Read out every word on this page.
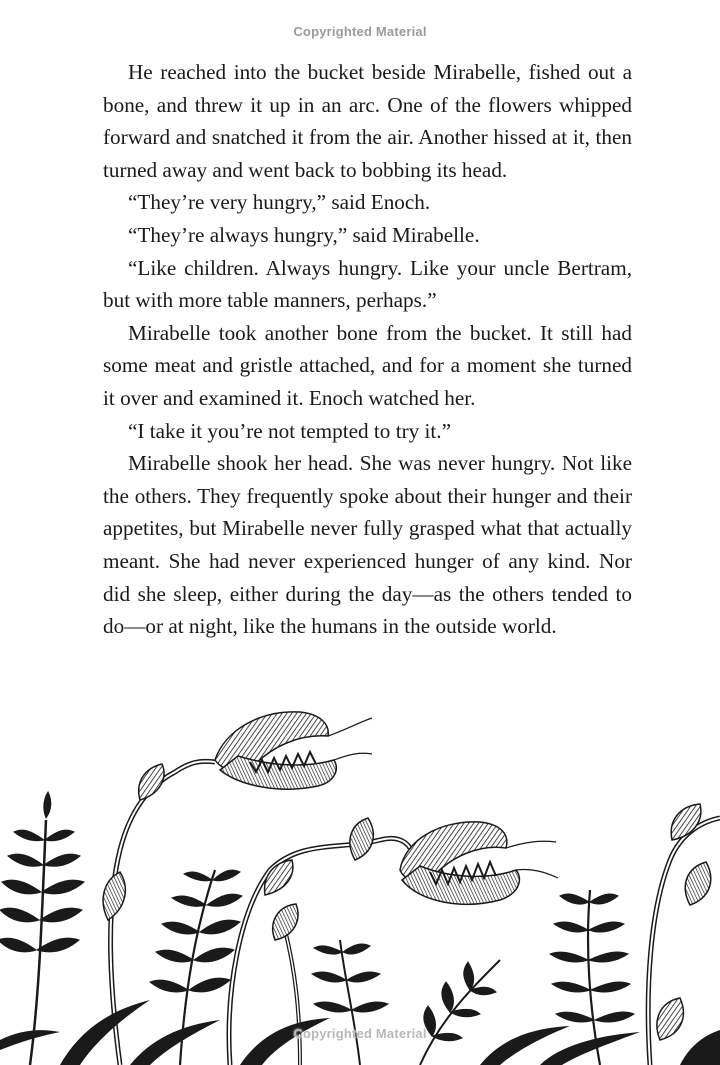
Copyrighted Material

He reached into the bucket beside Mirabelle, fished out a bone, and threw it up in an arc. One of the flowers whipped forward and snatched it from the air. Another hissed at it, then turned away and went back to bobbing its head.

“They’re very hungry,” said Enoch.

“They’re always hungry,” said Mirabelle.

“Like children. Always hungry. Like your uncle Bertram, but with more table manners, perhaps.”

Mirabelle took another bone from the bucket. It still had some meat and gristle attached, and for a moment she turned it over and examined it. Enoch watched her.

“I take it you’re not tempted to try it.”

Mirabelle shook her head. She was never hungry. Not like the others. They frequently spoke about their hunger and their appetites, but Mirabelle never fully grasped what that actually meant. She had never experienced hunger of any kind. Nor did she sleep, either during the day—as the others tended to do—or at night, like the humans in the outside world.

Copyrighted Material
